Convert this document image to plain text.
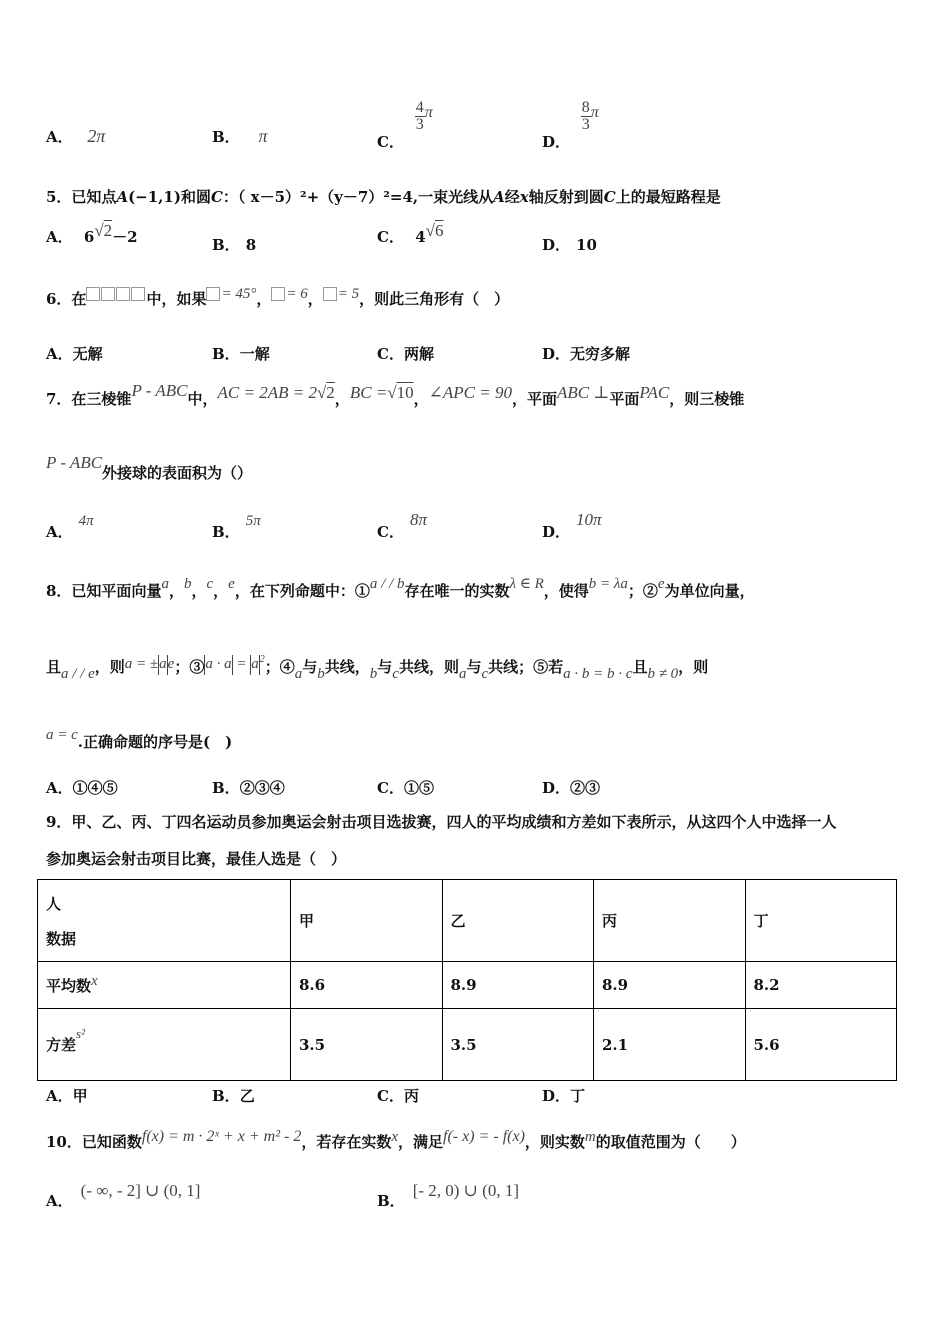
A． 2π	B． π	C．
$\frac{4}{3}$ π
D．
$\frac{8}{3}$ π
5．已知点A(−1,1)和圆C：（ x－5）²+（y－7）²=4,一束光线从A经x轴反射到圆C上的最短路程是
A． 6√2－2	B． 8	C． 4√6
D． 10
6．在	中，如果 = 45°， = 6， = 5，则此三角形有（　）
A．无解	B．一解	C．两解	D．无穷多解
7．在三棱锥P - ABC中，AC = 2AB = 2√2，BC =√10，∠APC = 90，平面ABC ⊥平面PAC，则三棱锥
P - ABC外接球的表面积为（）
A．4π
B．5π
C．8π
D．10π
8．已知平面向量a，b，c，e，在下列命题中：①a / / b存在唯一的实数λ ∈ R，使得b = λa；②e为单位向量，
且a / / e，则a = ±ae；③a · $a = a^2$；④a与b共线，b与c共线，则a与c共线；⑤若a · b = b · c且b ≠ 0，则
a = c.正确命题的序号是(　)
A．①④⑤	B．②③④	C．①⑤	D．②③
9．甲、乙、丙、丁四名运动员参加奥运会射击项目选拔赛，四人的平均成绩和方差如下表所示，从这四个人中选择一人
参加奥运会射击项目比赛，最佳人选是（　）
人
数据	甲	乙	丙	丁
平均数x	8.6	8.9	8.9	8.2
方差s²	3.5	3.5	2.1	5.6
A．甲	B．乙	C．丙	D．丁
10．已知函数f(x) = m · 2ˣ + x + m² - 2，若存在实数x，满足f(- x) = - f(x)，则实数m的取值范围为（　　）
A．(- ∞, - 2] ∪ (0, 1]
B．[- 2, 0) ∪ (0, 1]
